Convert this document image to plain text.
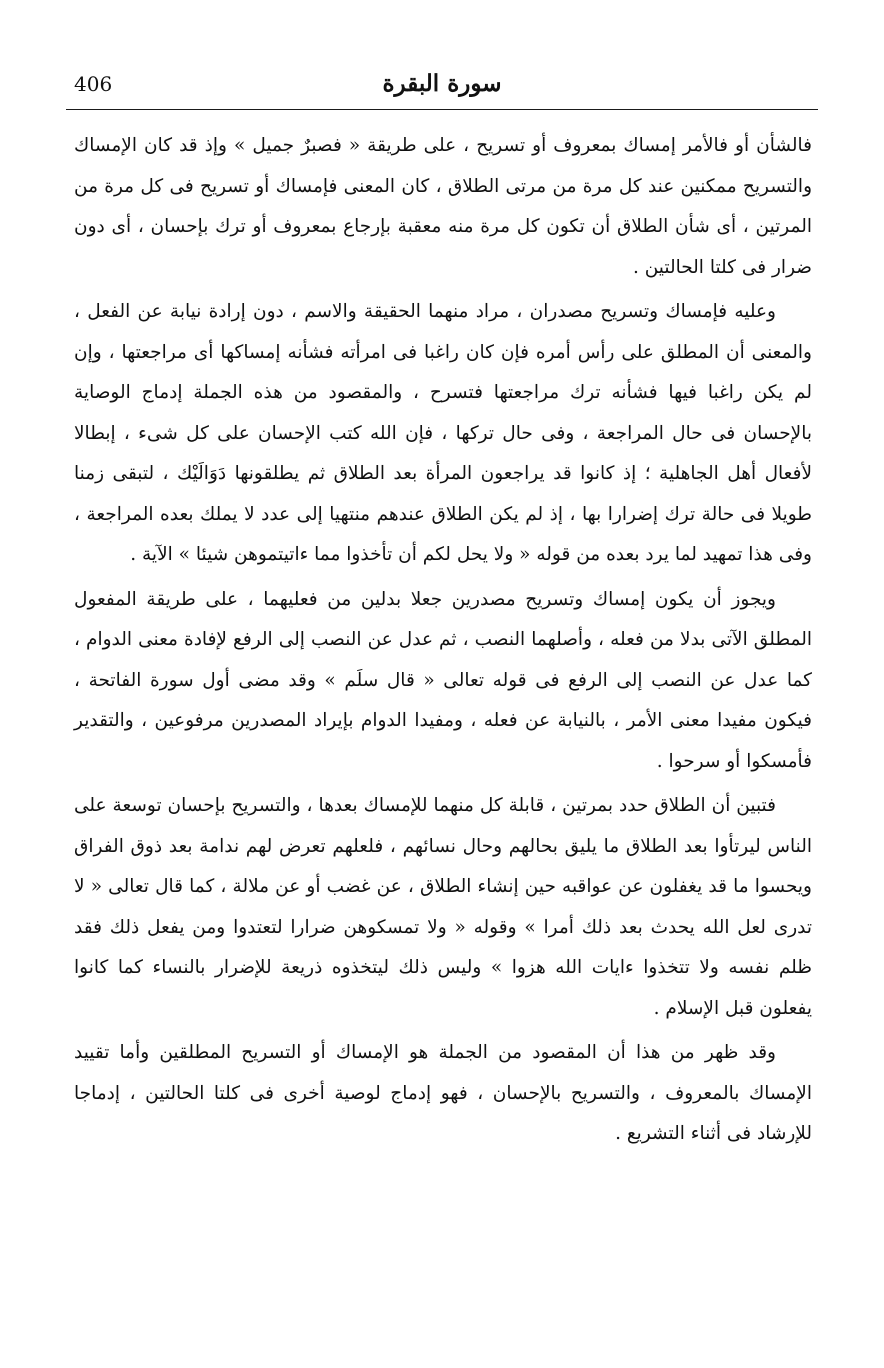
406	سورة البقرة

فالشأن أو فالأمر إمساك بمعروف أو تسريح ، على طريقة « فصبرٌ جميل » وإذ قد كان الإمساك والتسريح ممكنين عند كل مرة من مرتى الطلاق ، كان المعنى فإمساك أو تسريح فى كل مرة من المرتين ، أى شأن الطلاق أن تكون كل مرة منه معقبة بإرجاع بمعروف أو ترك بإحسان ، أى دون ضرار فى كلتا الحالتين .

وعليه فإمساك وتسريح مصدران ، مراد منهما الحقيقة والاسم ، دون إرادة نيابة عن الفعل ، والمعنى أن المطلق على رأس أمره فإن كان راغبا فى امرأته فشأنه إمساكها أى مراجعتها ، وإن لم يكن راغبا فيها فشأنه ترك مراجعتها فتسرح ، والمقصود من هذه الجملة إدماج الوصاية بالإحسان فى حال المراجعة ، وفى حال تركها ، فإن الله كتب الإحسان على كل شىء ، إبطالا لأفعال أهل الجاهلية ؛ إذ كانوا قد يراجعون المرأة بعد الطلاق ثم يطلقونها دَوَالَيْك ، لتبقى زمنا طويلا فى حالة ترك إضرارا بها ، إذ لم يكن الطلاق عندهم منتهيا إلى عدد لا يملك بعده المراجعة ، وفى هذا تمهيد لما يرد بعده من قوله « ولا يحل لكم أن تأخذوا مما ءاتيتموهن شيئا » الآية .

ويجوز أن يكون إمساك وتسريح مصدرين جعلا بدلين من فعليهما ، على طريقة المفعول المطلق الآتى بدلا من فعله ، وأصلهما النصب ، ثم عدل عن النصب إلى الرفع لإفادة معنى الدوام ، كما عدل عن النصب إلى الرفع فى قوله تعالى « قال سلَم » وقد مضى أول سورة الفاتحة ، فيكون مفيدا معنى الأمر ، بالنيابة عن فعله ، ومفيدا الدوام بإيراد المصدرين مرفوعين ، والتقدير فأمسكوا أو سرحوا .

فتبين أن الطلاق حدد بمرتين ، قابلة كل منهما للإمساك بعدها ، والتسريح بإحسان توسعة على الناس ليرتأوا بعد الطلاق ما يليق بحالهم وحال نسائهم ، فلعلهم تعرض لهم ندامة بعد ذوق الفراق ويحسوا ما قد يغفلون عن عواقبه حين إنشاء الطلاق ، عن غضب أو عن ملالة ، كما قال تعالى « لا تدرى لعل الله يحدث بعد ذلك أمرا » وقوله « ولا تمسكوهن ضرارا لتعتدوا ومن يفعل ذلك فقد ظلم نفسه ولا تتخذوا ءايات الله هزوا » وليس ذلك ليتخذوه ذريعة للإضرار بالنساء كما كانوا يفعلون قبل الإسلام .

وقد ظهر من هذا أن المقصود من الجملة هو الإمساك أو التسريح المطلقين وأما تقييد الإمساك بالمعروف ، والتسريح بالإحسان ، فهو إدماج لوصية أخرى فى كلتا الحالتين ، إدماجا للإرشاد فى أثناء التشريع .
